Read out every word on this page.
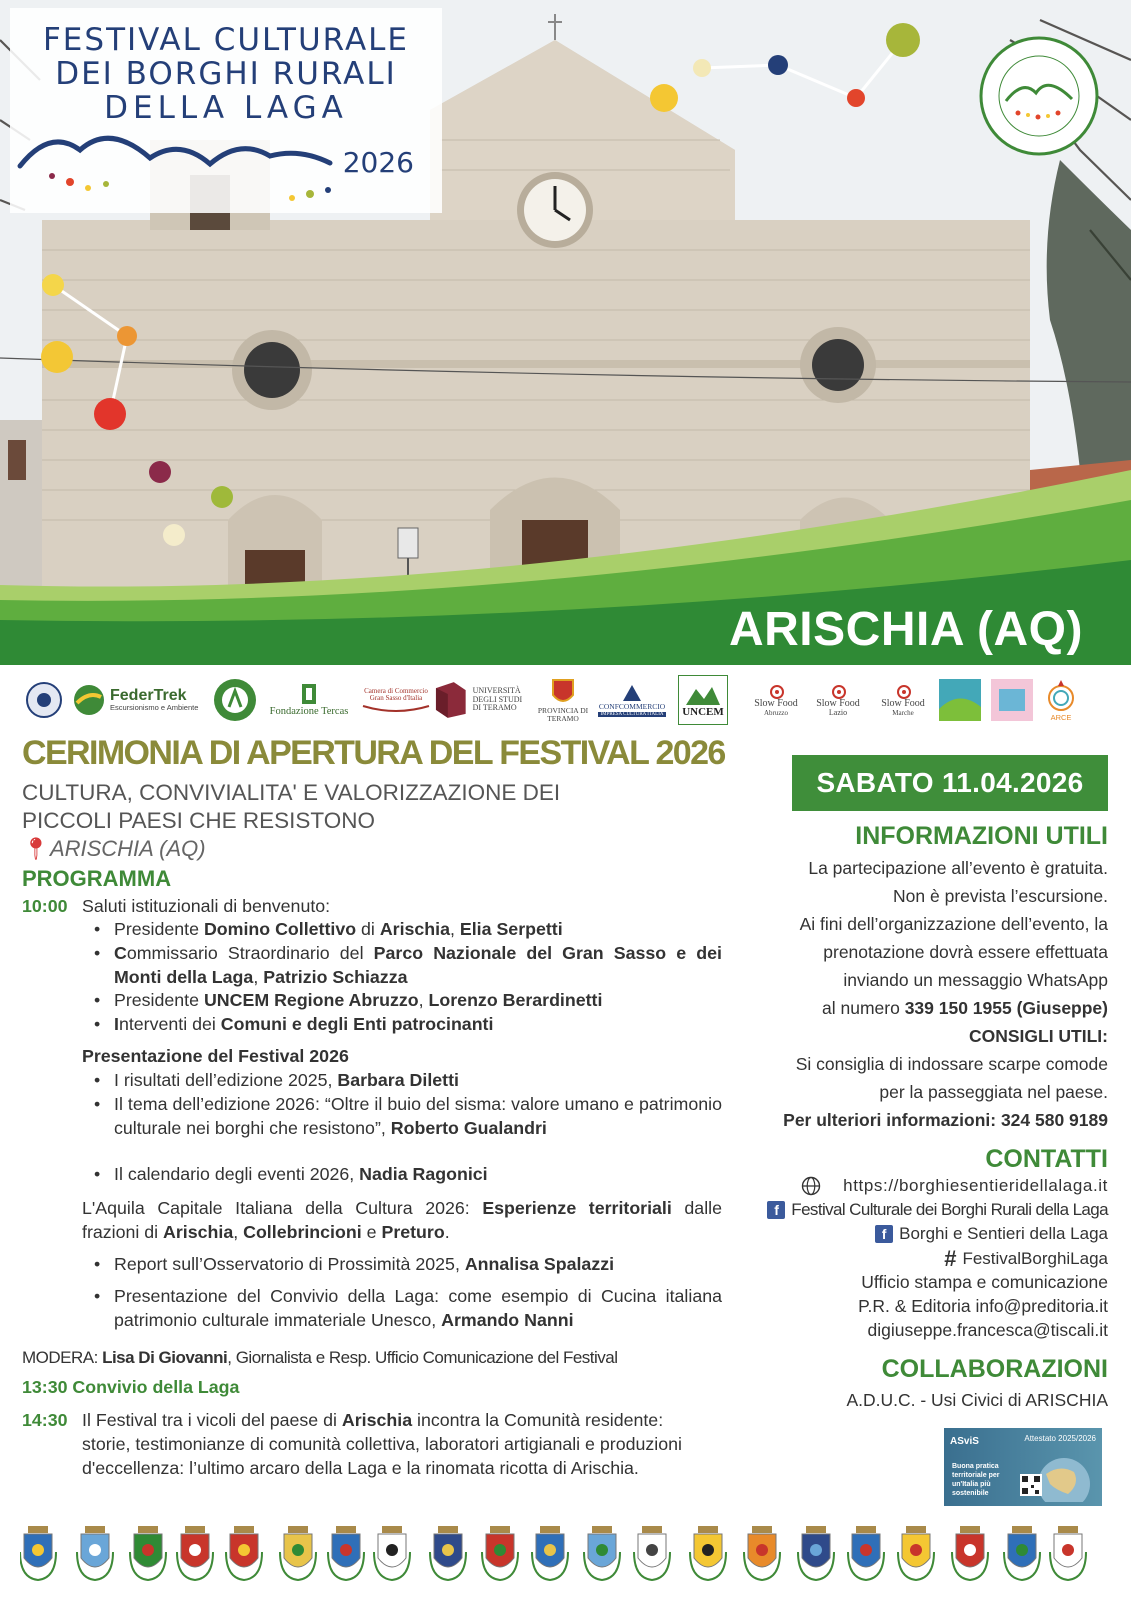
FESTIVAL CULTURALE
DEI BORGHI RURALI
DELLA LAGA
2026
ARISCHIA (AQ)
FederTrek
Escursionismo e Ambiente	Fondazione Tercas
Camera di Commercio Gran Sasso d'Italia
UNIVERSITÀ DEGLI STUDI DI TERAMO	PROVINCIA DI TERAMO
CONFCOMMERCIO
IMPRESA CULTURA ITALIA UNCEM
Slow Food
Abruzzo
Slow Food
Lazio
Slow Food
Marche
ARCE
CERIMONIA DI APERTURA DEL FESTIVAL 2026
CULTURA, CONVIVIALITA' E VALORIZZAZIONE DEI
PICCOLI PAESI CHE RESISTONO
📍︎ARISCHIA (AQ)
PROGRAMMA
10:00 Saluti istituzionali di benvenuto:
• Presidente Domino Collettivo di Arischia, Elia Serpetti
• Commissario Straordinario del Parco Nazionale del Gran Sasso e dei Monti della Laga, Patrizio Schiazza
• Presidente UNCEM Regione Abruzzo, Lorenzo Berardinetti
• Interventi dei Comuni e degli Enti patrocinanti
Presentazione del Festival 2026
• I risultati dell’edizione 2025, Barbara Diletti
• Il tema dell’edizione 2026: “Oltre il buio del sisma: valore umano e patrimonio culturale nei borghi che resistono”, Roberto Gualandri
• Il calendario degli eventi 2026, Nadia Ragonici
L'Aquila Capitale Italiana della Cultura 2026: Esperienze territoriali dalle frazioni di Arischia, Collebrincioni e Preturo.
• Report sull’Osservatorio di Prossimità 2025, Annalisa Spalazzi
• Presentazione del Convivio della Laga: come esempio di Cucina italiana patrimonio culturale immateriale Unesco, Armando Nanni
MODERA: Lisa Di Giovanni, Giornalista e Resp. Ufficio Comunicazione del Festival
13:30 Convivio della Laga
14:30 Il Festival tra i vicoli del paese di Arischia incontra la Comunità residente: storie, testimonianze di comunità collettiva, laboratori artigianali e produzioni d'eccellenza: l’ultimo arcaro della Laga e la rinomata ricotta di Arischia.
SABATO 11.04.2026
INFORMAZIONI UTILI
La partecipazione all’evento è gratuita.
Non è prevista l’escursione.
Ai fini dell’organizzazione dell’evento, la
prenotazione dovrà essere effettuata
inviando un messaggio WhatsApp
al numero 339 150 1955 (Giuseppe)
CONSIGLI UTILI:
Si consiglia di indossare scarpe comode
per la passeggiata nel paese.
Per ulteriori informazioni: 324 580 9189
CONTATTI
https://borghiesentieridellalaga.it
f Festival Culturale dei Borghi Rurali della Laga
f Borghi e Sentieri della Laga
# FestivalBorghiLaga
Ufficio stampa e comunicazione
P.R. & Editoria info@preditoria.it
digiuseppe.francesca@tiscali.it
COLLABORAZIONI
A.D.U.C. - Usi Civici di ARISCHIA
ASviS	Attestato 2025/2026
Buona pratica territoriale per un'Italia più sostenibile
